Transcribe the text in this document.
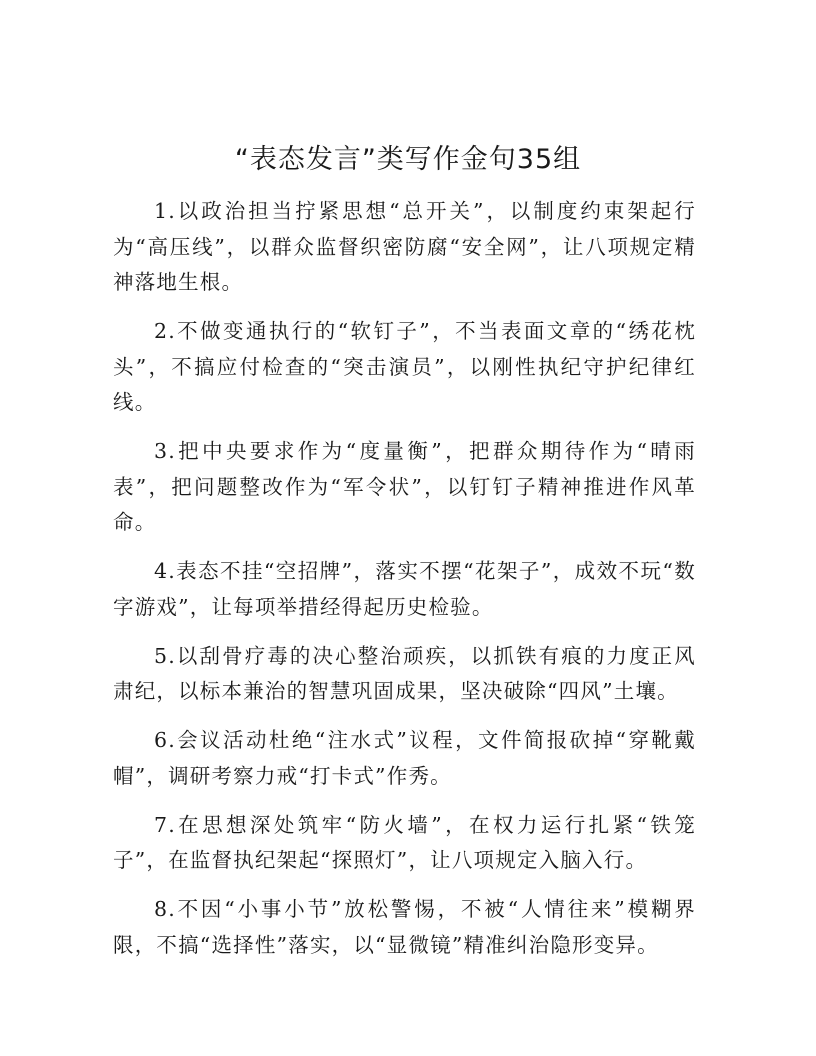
“表态发言”类写作金句35组

1.以政治担当拧紧思想“总开关”，以制度约束架起行为“高压线”，以群众监督织密防腐“安全网”，让八项规定精神落地生根。

2.不做变通执行的“软钉子”，不当表面文章的“绣花枕头”，不搞应付检查的“突击演员”，以刚性执纪守护纪律红线。

3.把中央要求作为“度量衡”，把群众期待作为“晴雨表”，把问题整改作为“军令状”，以钉钉子精神推进作风革命。

4.表态不挂“空招牌”，落实不摆“花架子”，成效不玩“数字游戏”，让每项举措经得起历史检验。

5.以刮骨疗毒的决心整治顽疾，以抓铁有痕的力度正风肃纪，以标本兼治的智慧巩固成果，坚决破除“四风”土壤。

6.会议活动杜绝“注水式”议程，文件简报砍掉“穿靴戴帽”，调研考察力戒“打卡式”作秀。

7.在思想深处筑牢“防火墙”，在权力运行扎紧“铁笼子”，在监督执纪架起“探照灯”，让八项规定入脑入行。

8.不因“小事小节”放松警惕，不被“人情往来”模糊界限，不搞“选择性”落实，以“显微镜”精准纠治隐形变异。
